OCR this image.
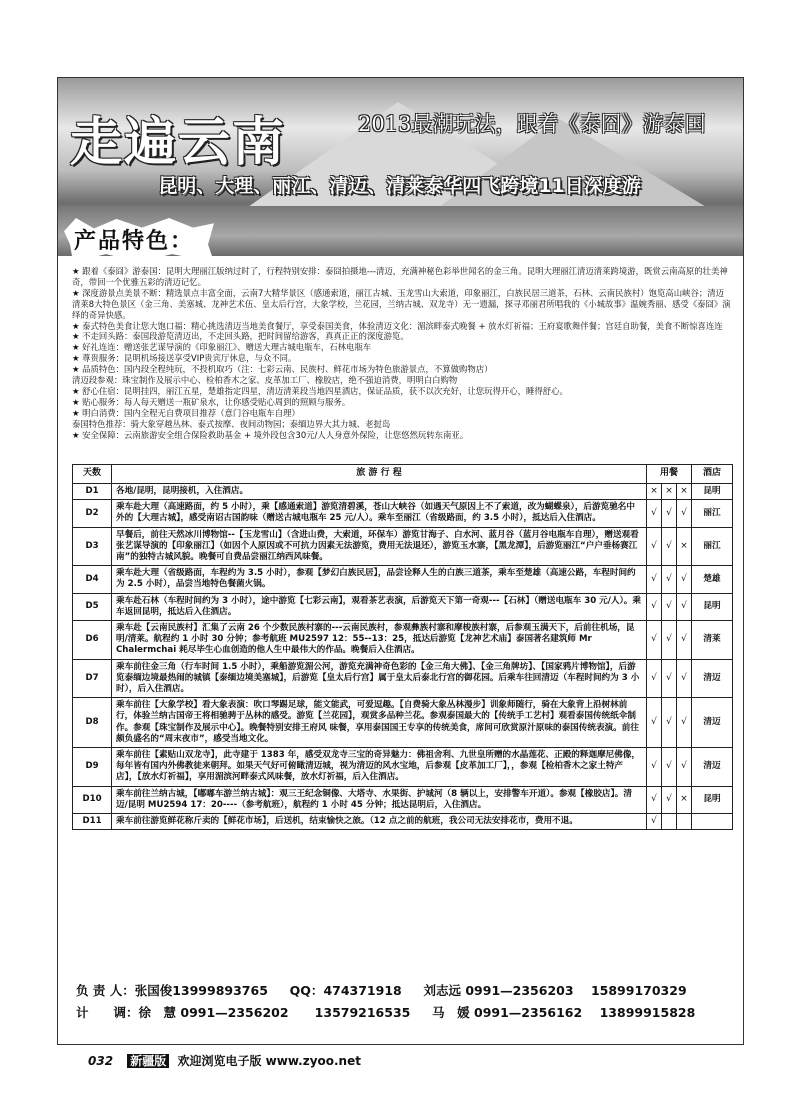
走遍云南	2013最潮玩法，跟着《泰囧》游泰国
昆明、大理、丽江、清迈、清莱泰华四飞跨境11日深度游
产品特色：
★ 跟着《泰囧》游泰国：昆明大理丽江版纳过时了，行程特别安排：泰囧拍摄地---清迈，充满神秘色彩举世闻名的金三角。昆明大理丽江清迈清莱跨境游，既赏云南高原的壮美神奇，带回一个优雅五彩的清迈记忆。
★ 深度游景点美景不断：精选景点丰富全面，云南7大精华景区（感通索道，丽江古城、玉龙雪山大索道，印象丽江，白族民居三道茶，石林、云南民族村）饱览高山峡谷；清迈清莱8大特色景区（金三角、美塞城、龙神艺术伍、皇太后行宫，大象学校，兰花园，兰纳古城、双龙寺）无一遗漏，探寻邓丽君所唱我的《小城故事》温婉秀丽、感受《泰囧》演绎的奇异快感。
★ 泰式特色美食让您大饱口福：精心挑选清迈当地美食餐厅，享受泰国美食，体验清迈文化：湄滨畔泰式晚餐 + 放水灯祈福；王府宴歌舞伴餐；宫廷自助餐，美食不断惊喜连连
★ 不走回头路：泰国段游览清迈出，不走回头路，把时间留给游客，真真正正的深度游览。
★ 好礼连连：赠送张艺谋导演的《印象丽江》、赠送大理古城电瓶车，石林电瓶车
★ 尊贵服务：昆明机场接送享受VIP贵宾厅休息，与众不同。
★ 品质特色：国内段全程纯玩，不投机取巧（注：七彩云南、民族村、鲜花市场为特色旅游景点，不算做购物店）
清迈段参观：珠宝制作及展示中心、检柏香木之家、皮革加工厂、橡胶店，绝不强迫消费，明明白白购物
★ 舒心住宿：昆明挂四，丽江五星，楚雄指定四星，清迈清莱段当地四星酒店，保证品质，获不以次充好，让您玩得开心，睡得舒心。
★ 贴心服务：每人每天赠送一瓶矿泉水，让你感受贴心周到的照顾与服务。
★ 明白消费：国内全程无自费项目推荐（意门谷电瓶车自理）
泰国特色推荐：骑大象穿越丛林、泰式按摩、夜间动物园；泰缅边界大其力城、老挝岛
★ 安全保障：云南旅游安全组合保险救助基金 + 境外段包含30元/人人身意外保险，让您悠然玩转东南亚。
天数	旅 游 行 程	用餐			酒店
D1	各地/昆明，昆明接机，入住酒店。	×	×	×	昆明
D2	乘车赴大理（高速路面，约 5 小时），乘【感通索道】游览清碧溪，苍山大峡谷（如遇天气原因上不了索道，改为蝴蝶泉），后游览驰名中外的【大理古城】，感受南诏古国韵味（赠送古城电瓶车 25 元/人）。乘车至丽江（省级路面，约 3.5 小时），抵达后入住酒店。	√	√	√	丽江
D3	早餐后，前往天然冰川博物馆--【玉龙雪山】（含进山费，大索道，环保车）游览甘海子、白水河、蓝月谷（蓝月谷电瓶车自理），赠送观看张艺谋导演的【印象丽江】（如因个人原因或不可抗力因素无法游览，费用无法退还），游览玉水寨，【黑龙潭】，后游览丽江“户户垂杨赛江南”的独特古城风貌。晚餐可自费品尝丽江纳西风味餐。	√	√	×	丽江
D4	乘车赴大理（省级路面，车程约为 3.5 小时），参观【梦幻白族民居】，品尝诠释人生的白族三道茶，乘车至楚雄（高速公路，车程时间约为 2.5 小时），品尝当地特色餐菌火锅。	√	√	√	楚雄
D5	乘车赴石林（车程时间约为 3 小时），途中游览【七彩云南】，观看茶艺表演，后游览天下第一奇观---【石林】（赠送电瓶车 30 元/人）。乘车返回昆明，抵达后入住酒店。	√	√	√	昆明
D6	乘车赴【云南民族村】汇集了云南 26 个少数民族村寨的---云南民族村，参观彝族村寨和摩梭族村寨，后参观玉满天下，后前往机场，昆明/清莱。航程约 1 小时 30 分钟；参考航班 MU2597 12：55--13：25，抵达后游览【龙神艺术庙】泰国著名建筑师 Mr Chalermchai 耗尽毕生心血创造的他人生中最伟大的作品。晚餐后入住酒店。	√	√	√	清莱
D7	乘车前往金三角（行车时间 1.5 小时），乘船游览湄公河，游览充满神奇色彩的【金三角大佛】、【金三角牌坊】、【国家鸦片博物馆】，后游览泰缅边境最热闹的城镇【泰缅边境美塞城】，后游览【皇太后行宫】属于皇太后泰北行宫的御花园。后乘车往回清迈（车程时间约为 3 小时），后入住酒店。	√	√	√	清迈
D8	乘车前往【大象学校】看大象表演：吹口琴踢足球，能文能武，可爱逗趣。【自费骑大象丛林漫步】训象师随行，骑在大象背上沿树林前行，体验兰纳古国帝王将相驰骋于丛林的感受。游览【兰花园】，观赏多品种兰花。参观泰国最大的【传统手工艺村】观看泰国传统纸伞制作。参观【珠宝制作及展示中心】。晚餐特别安排王府风 味餐，享用泰国国王专享的传统美食，席间可欣赏原汁原味的泰国传统表演。前往颇负盛名的“周末夜市”，感受当地文化。	√	√	√	清迈
D9	乘车前往【素贴山双龙寺】，此寺建于 1383 年，感受双龙寺三宝的奇异魅力：佛祖舍利、九世皇所赠的水晶莲花、正殿的释迦摩尼佛像，每年皆有国内外佛教徒来朝拜。如果天气好可俯瞰清迈城，视为清迈的风水宝地，后参观【皮革加工厂】，，参观【检柏香木之家土特产店】，【放水灯祈福】，享用湄滨河畔泰式风味餐，放水灯祈福，后入住酒店。	√	√	√	清迈
D10	乘车前往兰纳古城，【嘟嘟车游兰纳古城】：观三王纪念铜像、大塔寺、水果街、护城河（8 辆以上，安排警车开道）。参观【橡胶店】。清迈/昆明 MU2594 17：20----（参考航班），航程约 1 小时 45 分钟；抵达昆明后，入住酒店。	√	√	×	昆明
D11	乘车前往游览鲜花称斤卖的【鲜花市场】，后送机，结束愉快之旅。（12 点之前的航班，我公司无法安排花市，费用不退。	√			
负 责 人：张国俊13999893765 QQ：474371918 刘志远 0991—2356203 15899170329
计　　调：徐　慧 0991—2356202 13579216535 马　媛 0991—2356162 13899915828
032 新疆版 欢迎浏览电子版 www.zyoo.net
